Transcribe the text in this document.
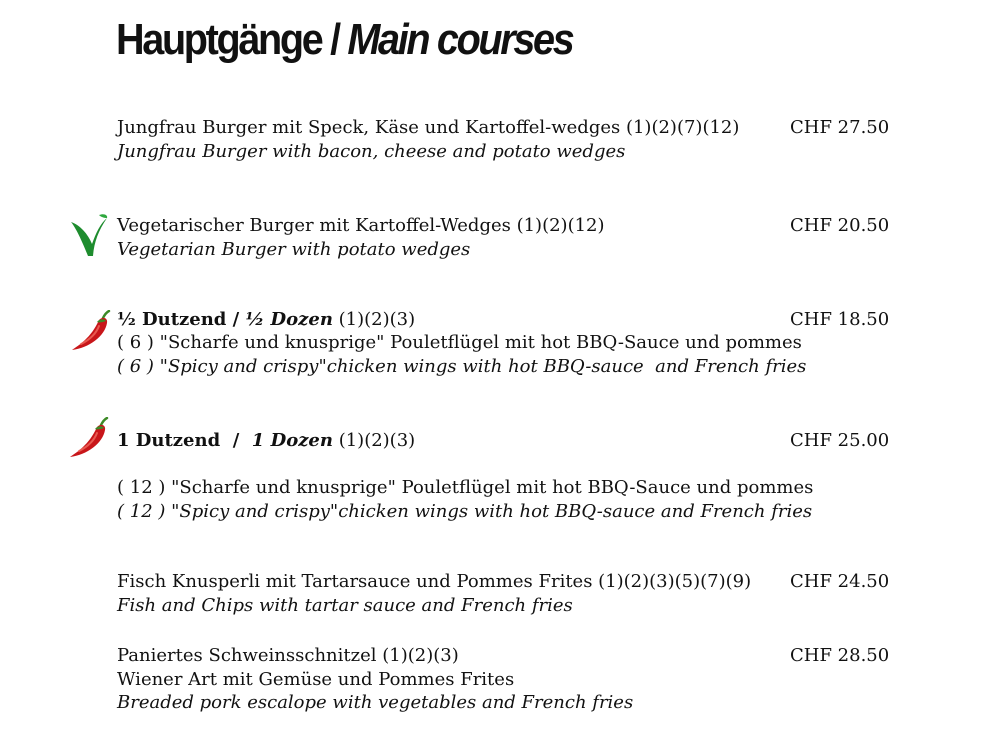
Hauptgänge / Main courses
Jungfrau Burger mit Speck, Käse und Kartoffel-wedges (1)(2)(7)(12)	CHF 27.50
Jungfrau Burger with bacon, cheese and potato wedges
Vegetarischer Burger mit Kartoffel-Wedges (1)(2)(12)	CHF 20.50
Vegetarian Burger with potato wedges
½ Dutzend / ½ Dozen (1)(2)(3)	CHF 18.50
( 6 ) "Scharfe und knusprige" Pouletflügel mit hot BBQ-Sauce und pommes
( 6 ) "Spicy and crispy"chicken wings with hot BBQ-sauce  and French fries
1 Dutzend  /  1 Dozen (1)(2)(3)	CHF 25.00
( 12 ) "Scharfe und knusprige" Pouletflügel mit hot BBQ-Sauce und pommes
( 12 ) "Spicy and crispy"chicken wings with hot BBQ-sauce and French fries
Fisch Knusperli mit Tartarsauce und Pommes Frites (1)(2)(3)(5)(7)(9) CHF 24.50
Fish and Chips with tartar sauce and French fries
Paniertes Schweinsschnitzel (1)(2)(3)	CHF 28.50
Wiener Art mit Gemüse und Pommes Frites
Breaded pork escalope with vegetables and French fries
